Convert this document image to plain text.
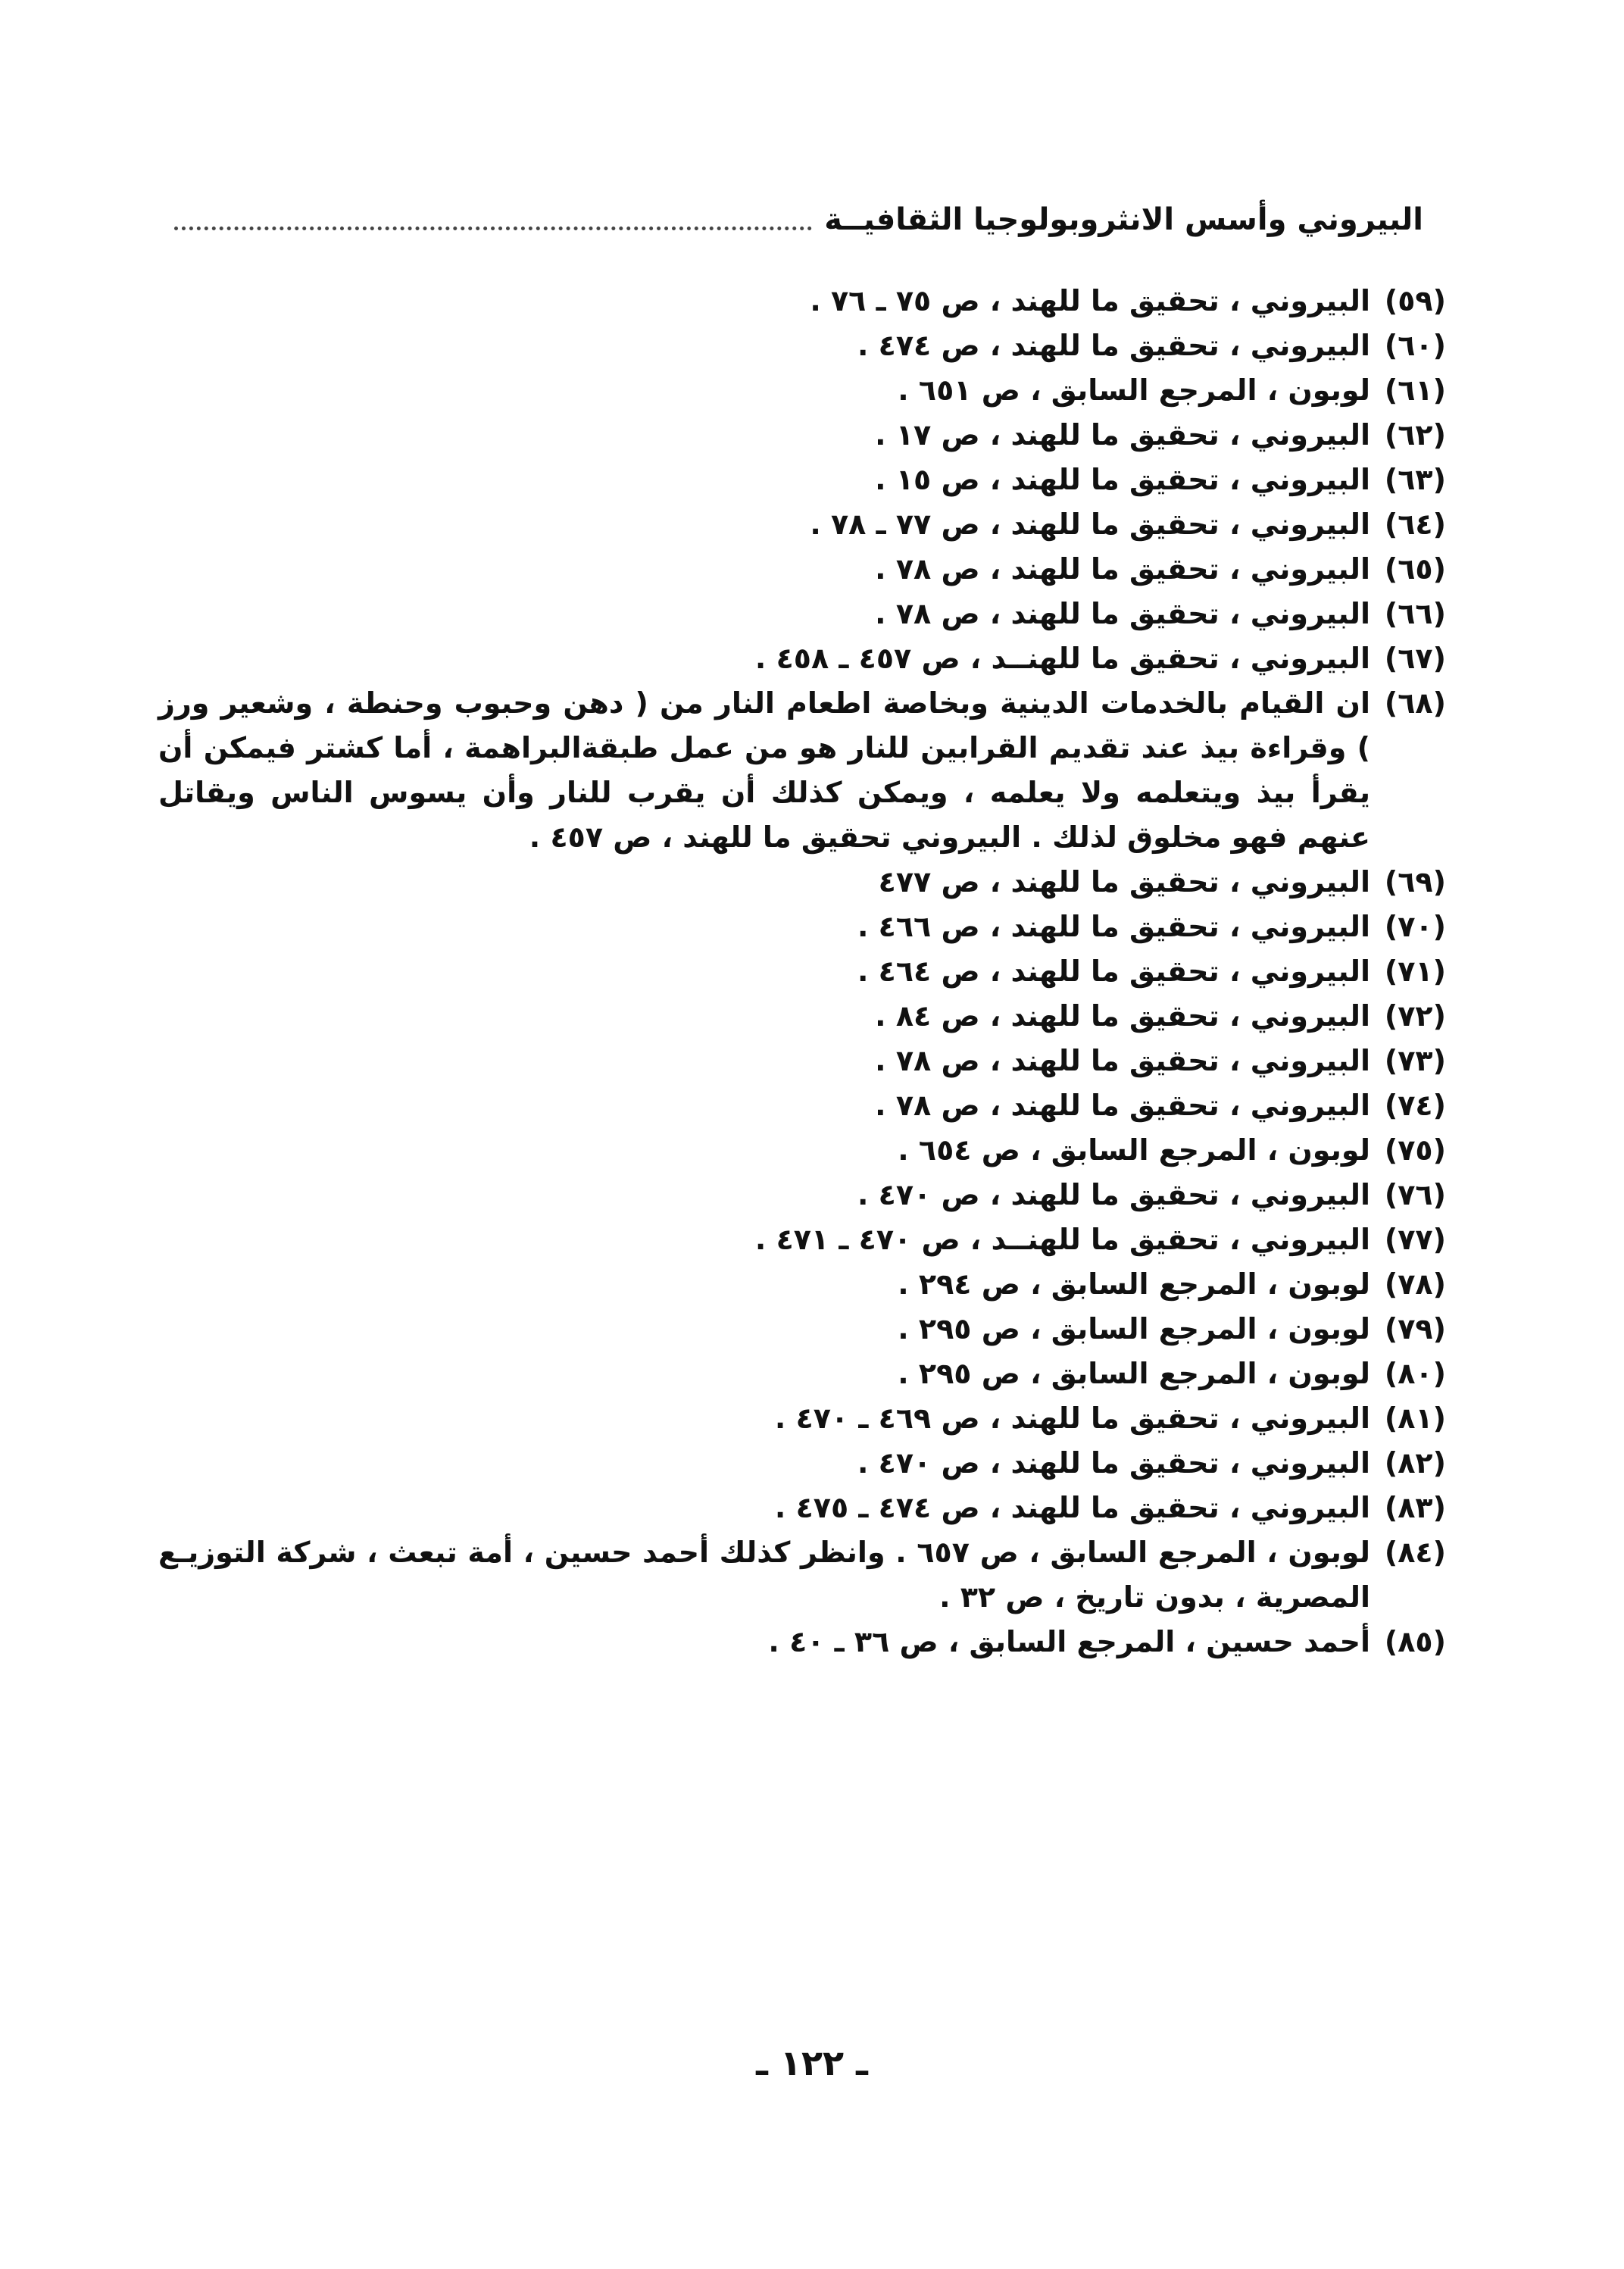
البيروني وأسس الانثروبولوجيا الثقافيــة
(٥٩)
البيروني ، تحقيق ما للهند ، ص ٧٥ ـ ٧٦ .
(٦٠)
البيروني ، تحقيق ما للهند ، ص ٤٧٤ .
(٦١)
لوبون ، المرجع السابق ، ص ٦٥١ .
(٦٢)
البيروني ، تحقيق ما للهند ، ص ١٧ .
(٦٣)
البيروني ، تحقيق ما للهند ، ص ١٥ .
(٦٤)
البيروني ، تحقيق ما للهند ، ص ٧٧ ـ ٧٨ .
(٦٥)
البيروني ، تحقيق ما للهند ، ص ٧٨ .
(٦٦)
البيروني ، تحقيق ما للهند ، ص ٧٨ .
(٦٧)
البيروني ، تحقيق ما للهنــد ، ص ٤٥٧ ـ ٤٥٨ .
(٦٨)
ان القيام بالخدمات الدينية وبخاصة اطعام النار من ( دهن وحبوب وحنطة ، وشعير ورز ) وقراءة بيذ عند تقديم القرابين للنار هو من عمل طبقةالبراهمة ، أما كشتر فيمكن أن يقرأ بيذ ويتعلمه ولا يعلمه ، ويمكن كذلك أن يقرب للنار وأن يسوس الناس ويقاتل عنهم فهو مخلوق لذلك . البيروني تحقيق ما للهند ، ص ٤٥٧ .
(٦٩)
البيروني ، تحقيق ما للهند ، ص ٤٧٧
(٧٠)
البيروني ، تحقيق ما للهند ، ص ٤٦٦ .
(٧١)
البيروني ، تحقيق ما للهند ، ص ٤٦٤ .
(٧٢)
البيروني ، تحقيق ما للهند ، ص ٨٤ .
(٧٣)
البيروني ، تحقيق ما للهند ، ص ٧٨ .
(٧٤)
البيروني ، تحقيق ما للهند ، ص ٧٨ .
(٧٥)
لوبون ، المرجع السابق ، ص ٦٥٤ .
(٧٦)
البيروني ، تحقيق ما للهند ، ص ٤٧٠ .
(٧٧)
البيروني ، تحقيق ما للهنــد ، ص ٤٧٠ ـ ٤٧١ .
(٧٨)
لوبون ، المرجع السابق ، ص ٢٩٤ .
(٧٩)
لوبون ، المرجع السابق ، ص ٢٩٥ .
(٨٠)
لوبون ، المرجع السابق ، ص ٢٩٥ .
(٨١)
البيروني ، تحقيق ما للهند ، ص ٤٦٩ ـ ٤٧٠ .
(٨٢)
البيروني ، تحقيق ما للهند ، ص ٤٧٠ .
(٨٣)
البيروني ، تحقيق ما للهند ، ص ٤٧٤ ـ ٤٧٥ .
(٨٤)
لوبون ، المرجع السابق ، ص ٦٥٧ . وانظر كذلك أحمد حسين ، أمة تبعث ، شركة التوزيـع المصرية ، بدون تاريخ ، ص ٣٢ .
(٨٥)
أحمد حسين ، المرجع السابق ، ص ٣٦ ـ ٤٠ .
ـ ١٢٢ ـ
